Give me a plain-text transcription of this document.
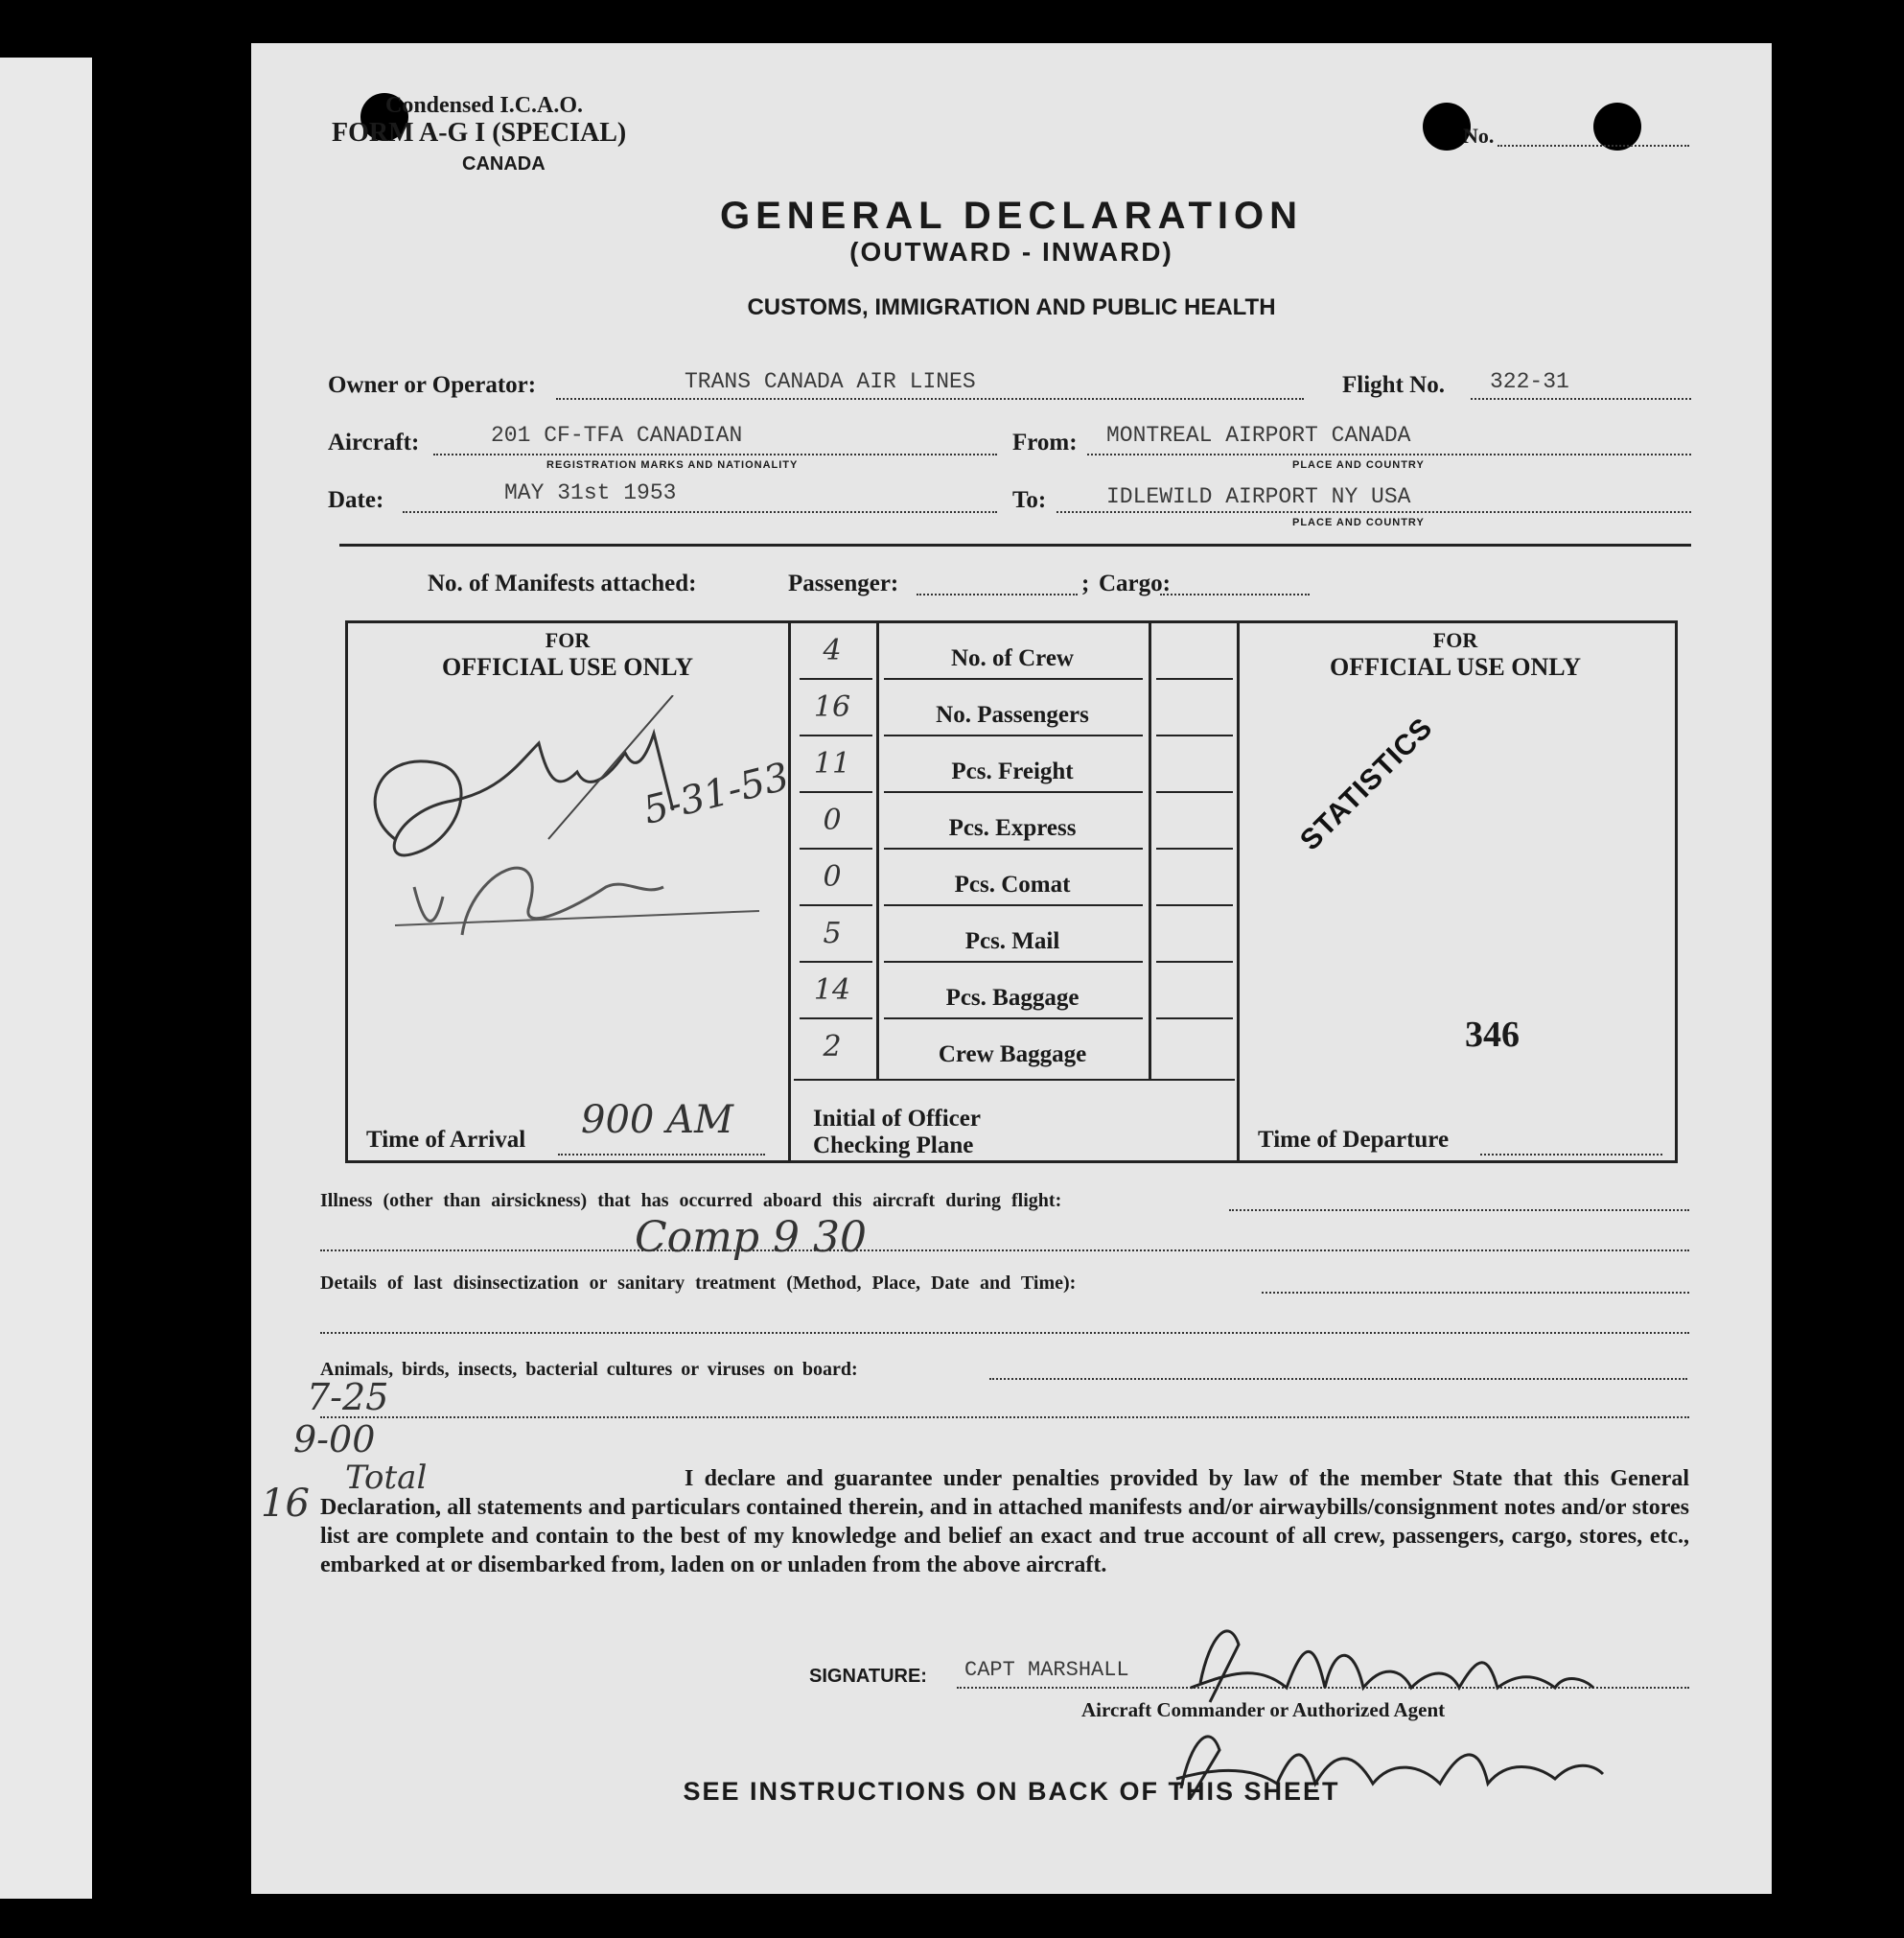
Condensed I.C.A.O.
FORM A-G I (SPECIAL)
CANADA
No.
GENERAL DECLARATION
(OUTWARD - INWARD)
CUSTOMS, IMMIGRATION AND PUBLIC HEALTH
Owner or Operator:	TRANS CANADA AIR LINES	Flight No. 322-31
Aircraft:	201 CF-TFA CANADIAN
REGISTRATION MARKS AND NATIONALITY
From: MONTREAL AIRPORT CANADA
PLACE AND COUNTRY
Date:	MAY 31st 1953	To:	IDLEWILD AIRPORT NY USA
PLACE AND COUNTRY
No. of Manifests attached:	Passenger:	; Cargo:
FOR
OFFICIAL USE ONLY
5-31-53
Time of Arrival 900 AM	Initial of Officer
Checking Plane
FOR
OFFICIAL USE ONLY
STATISTICS
346
Time of Departure
Illness (other than airsickness) that has occurred aboard this aircraft during flight:
Comp 9 30
Details of last disinsectization or sanitary treatment (Method, Place, Date and Time):
Animals, birds, insects, bacterial cultures or viruses on board:
7-25
9-00
Total
16
I declare and guarantee under penalties provided by law of the member State that this General Declaration, all statements and particulars contained therein, and in attached manifests and/or airwaybills/consignment notes and/or stores list are complete and contain to the best of my knowledge and belief an exact and true account of all crew, passengers, cargo, stores, etc., embarked at or disembarked from, laden on or unladen from the above aircraft.
SIGNATURE: CAPT MARSHALL
Aircraft Commander or Authorized Agent
SEE INSTRUCTIONS ON BACK OF THIS SHEET
4	No. of Crew
16	No. Passengers
11	Pcs. Freight
0	Pcs. Express
0	Pcs. Comat
5	Pcs. Mail
14	Pcs. Baggage
2	Crew Baggage
